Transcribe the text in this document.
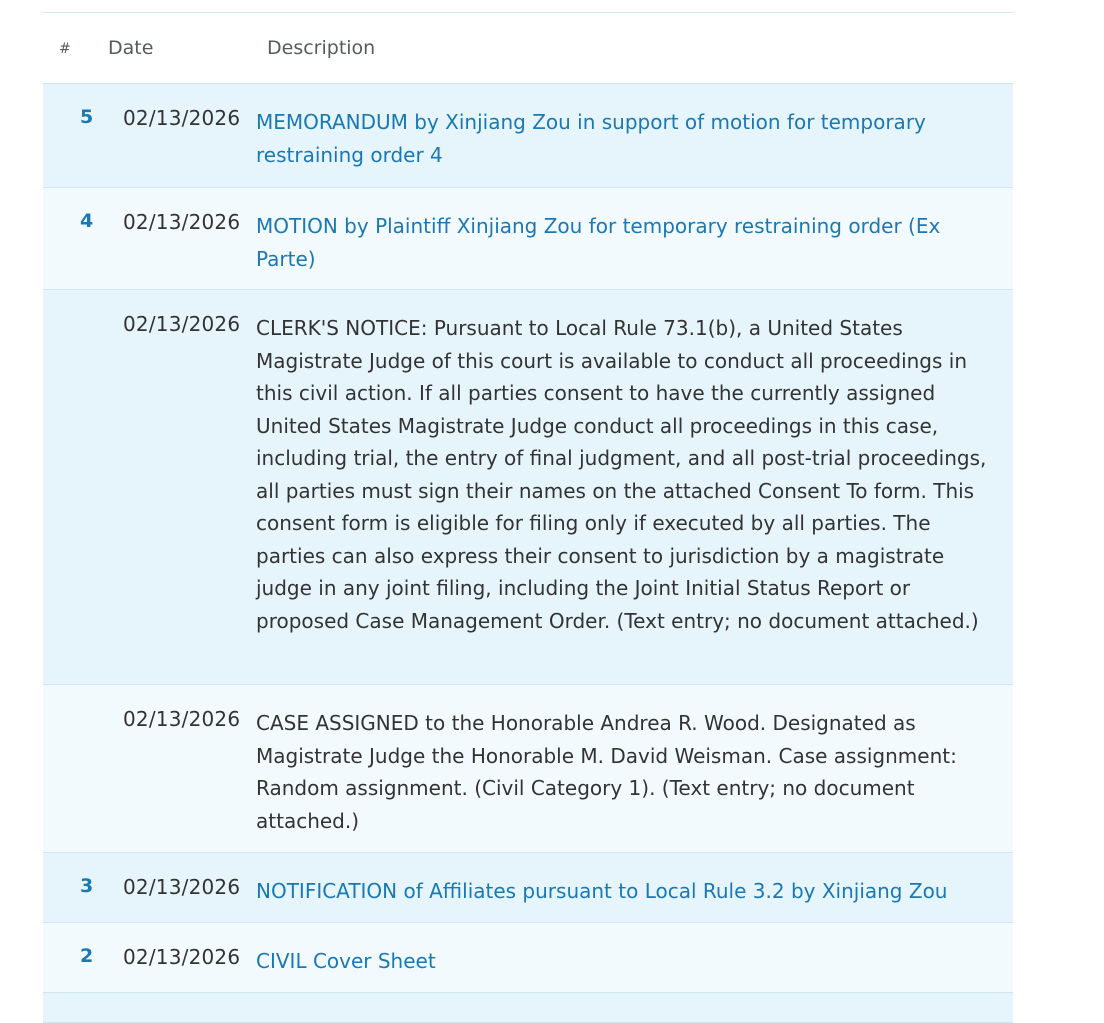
# Date	Description
5	02/13/2026 MEMORANDUM by Xinjiang Zou in support of motion for temporary restraining order 4
4	02/13/2026 MOTION by Plaintiff Xinjiang Zou for temporary restraining order (Ex Parte)
02/13/2026 CLERK'S NOTICE: Pursuant to Local Rule 73.1(b), a United States Magistrate Judge of this court is available to conduct all proceedings in this civil action. If all parties consent to have the currently assigned United States Magistrate Judge conduct all proceedings in this case, including trial, the entry of final judgment, and all post-trial proceedings, all parties must sign their names on the attached Consent To form. This consent form is eligible for filing only if executed by all parties. The parties can also express their consent to jurisdiction by a magistrate judge in any joint filing, including the Joint Initial Status Report or proposed Case Management Order. (Text entry; no document attached.)
02/13/2026 CASE ASSIGNED to the Honorable Andrea R. Wood. Designated as Magistrate Judge the Honorable M. David Weisman. Case assignment: Random assignment. (Civil Category 1). (Text entry; no document attached.)
3	02/13/2026 NOTIFICATION of Affiliates pursuant to Local Rule 3.2 by Xinjiang Zou
2	02/13/2026 CIVIL Cover Sheet
